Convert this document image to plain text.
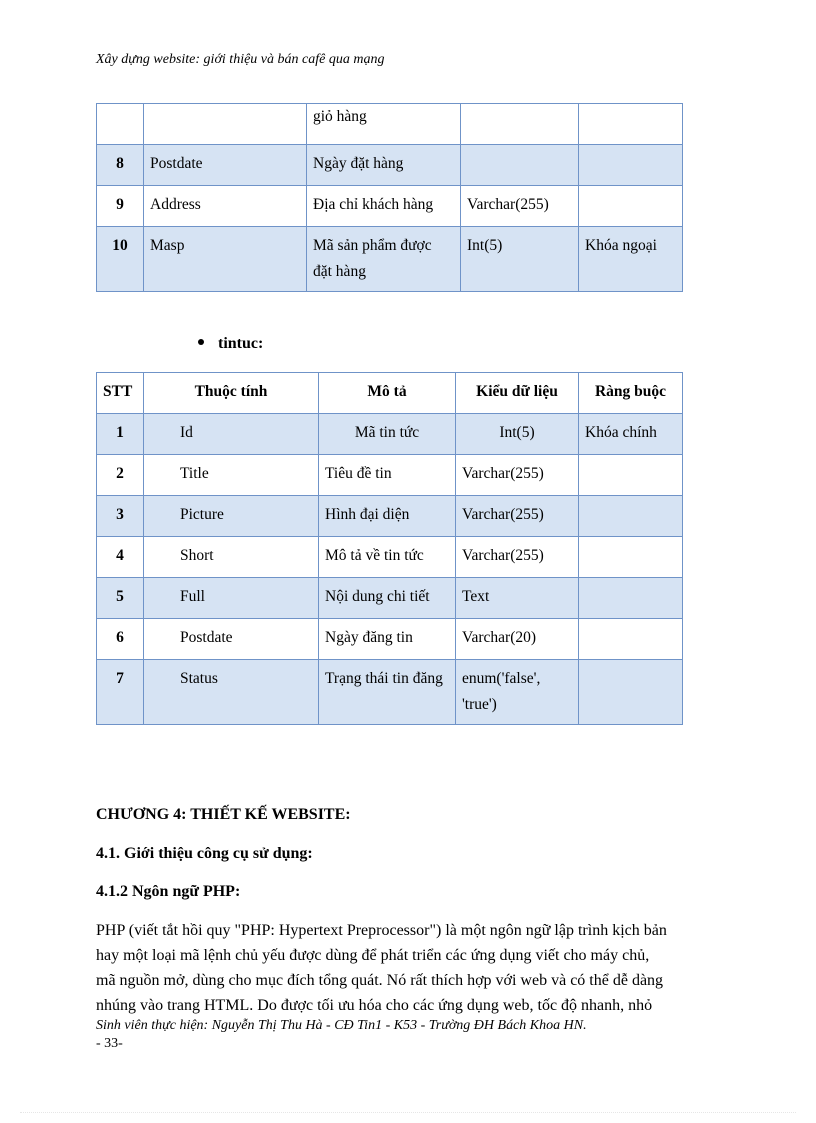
Xây dựng website: giới thiệu và bán cafê qua mạng
		giỏ hàng		
8	Postdate	Ngày đặt hàng		
9	Address	Địa chỉ khách hàng	Varchar(255)	
10	Masp	Mã sản phẩm được đặt hàng	Int(5)	Khóa ngoại
tintuc:
STT	Thuộc tính	Mô tả	Kiểu dữ liệu	Ràng buộc
1	Id	Mã tin tức	Int(5)	Khóa chính
2	Title	Tiêu đề tin	Varchar(255)	
3	Picture	Hình đại diện	Varchar(255)	
4	Short	Mô tả về tin tức	Varchar(255)	
5	Full	Nội dung chi tiết	Text	
6	Postdate	Ngày đăng tin	Varchar(20)	
7	Status	Trạng thái tin đăng	enum('false', 'true')	
CHƯƠNG 4: THIẾT KẾ WEBSITE:
4.1. Giới thiệu công cụ sử dụng:
4.1.2 Ngôn ngữ PHP:

PHP (viết tắt hồi quy "PHP: Hypertext Preprocessor") là một ngôn ngữ lập trình kịch bản

hay một loại mã lệnh chủ yếu được dùng để phát triển các ứng dụng viết cho máy chủ,

mã nguồn mở, dùng cho mục đích tổng quát. Nó rất thích hợp với web và có thể dễ dàng

nhúng vào trang HTML. Do được tối ưu hóa cho các ứng dụng web, tốc độ nhanh, nhỏ

Sinh viên thực hiện: Nguyễn Thị Thu Hà - CĐ Tin1 - K53 - Trường ĐH Bách Khoa HN.
- 33-
